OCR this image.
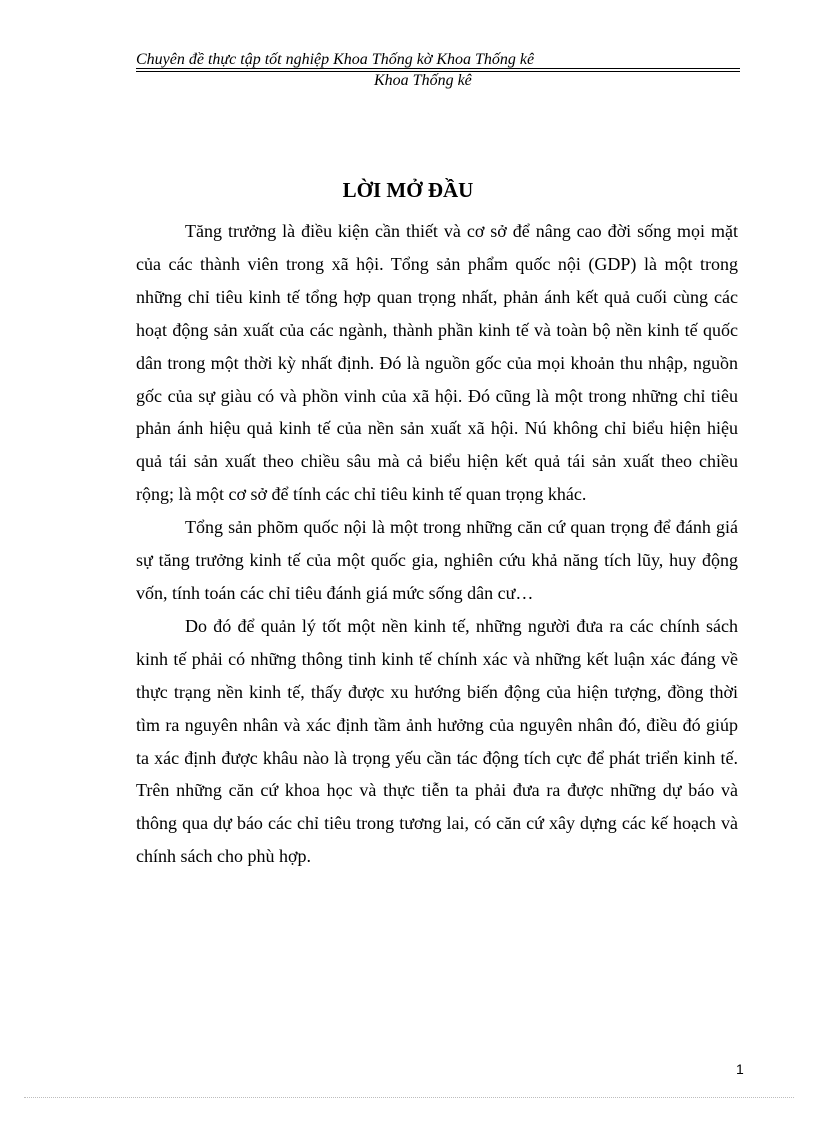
Chuyên đề thực tập tốt nghiệp Khoa Thống kờ Khoa Thống kê
Khoa Thống kê
LỜI MỞ ĐẦU

Tăng trưởng là điều kiện cần thiết và cơ sở để nâng cao đời sống mọi mặt của các thành viên trong xã hội. Tổng sản phẩm quốc nội (GDP) là một trong những chỉ tiêu kinh tế tổng hợp quan trọng nhất, phản ánh kết quả cuối cùng các hoạt động sản xuất của các ngành, thành phần kinh tế và toàn bộ nền kinh tế quốc dân trong một thời kỳ nhất định. Đó là nguồn gốc của mọi khoản thu nhập, nguồn gốc của sự giàu có và phồn vinh của xã hội. Đó cũng là một trong những chỉ tiêu phản ánh hiệu quả kinh tế của nền sản xuất xã hội. Nú không chỉ biểu hiện hiệu quả tái sản xuất theo chiều sâu mà cả biểu hiện kết quả tái sản xuất theo chiều rộng; là một cơ sở để tính các chỉ tiêu kinh tế quan trọng khác.

Tổng sản phõm quốc nội là một trong những căn cứ quan trọng để đánh giá sự tăng trưởng kinh tế của một quốc gia, nghiên cứu khả năng tích lũy, huy động vốn, tính toán các chỉ tiêu đánh giá mức sống dân cư…

Do đó để quản lý tốt một nền kinh tế, những người đưa ra các chính sách kinh tế phải có những thông tinh kinh tế chính xác và những kết luận xác đáng về thực trạng nền kinh tế, thấy được xu hướng biến động của hiện tượng, đồng thời tìm ra nguyên nhân và xác định tầm ảnh hưởng của nguyên nhân đó, điều đó giúp ta xác định được khâu nào là trọng yếu cần tác động tích cực để phát triển kinh tế. Trên những căn cứ khoa học và thực tiễn ta phải đưa ra được những dự báo và thông qua dự báo các chỉ tiêu trong tương lai, có căn cứ xây dựng các kế hoạch và chính sách cho phù hợp.

1
